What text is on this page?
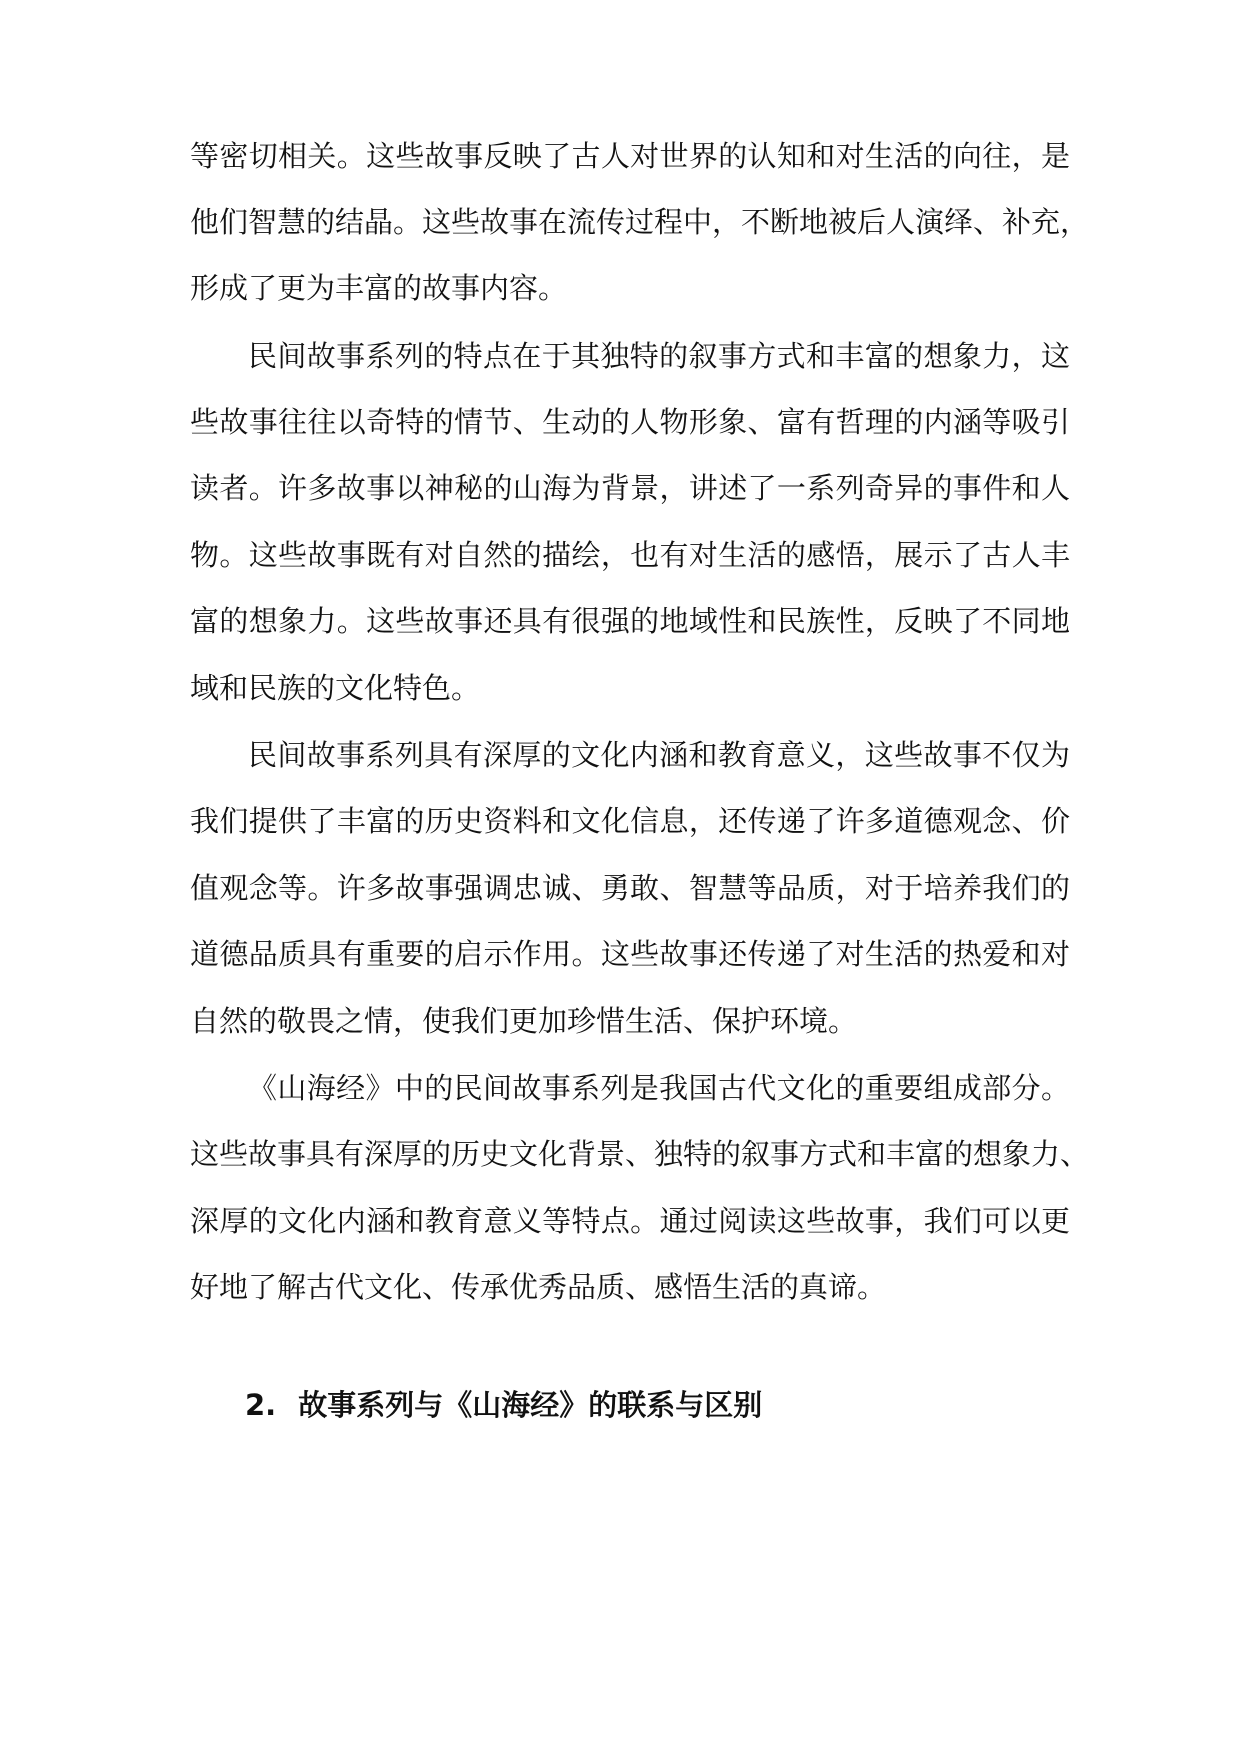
等密切相关。这些故事反映了古人对世界的认知和对生活的向往，是
他们智慧的结晶。这些故事在流传过程中，不断地被后人演绎、补充，
形成了更为丰富的故事内容。
民间故事系列的特点在于其独特的叙事方式和丰富的想象力，这
些故事往往以奇特的情节、生动的人物形象、富有哲理的内涵等吸引
读者。许多故事以神秘的山海为背景，讲述了一系列奇异的事件和人
物。这些故事既有对自然的描绘，也有对生活的感悟，展示了古人丰
富的想象力。这些故事还具有很强的地域性和民族性，反映了不同地
域和民族的文化特色。
民间故事系列具有深厚的文化内涵和教育意义，这些故事不仅为
我们提供了丰富的历史资料和文化信息，还传递了许多道德观念、价
值观念等。许多故事强调忠诚、勇敢、智慧等品质，对于培养我们的
道德品质具有重要的启示作用。这些故事还传递了对生活的热爱和对
自然的敬畏之情，使我们更加珍惜生活、保护环境。
《山海经》中的民间故事系列是我国古代文化的重要组成部分。
这些故事具有深厚的历史文化背景、独特的叙事方式和丰富的想象力、
深厚的文化内涵和教育意义等特点。通过阅读这些故事，我们可以更
好地了解古代文化、传承优秀品质、感悟生活的真谛。
2. 故事系列与《山海经》的联系与区别
